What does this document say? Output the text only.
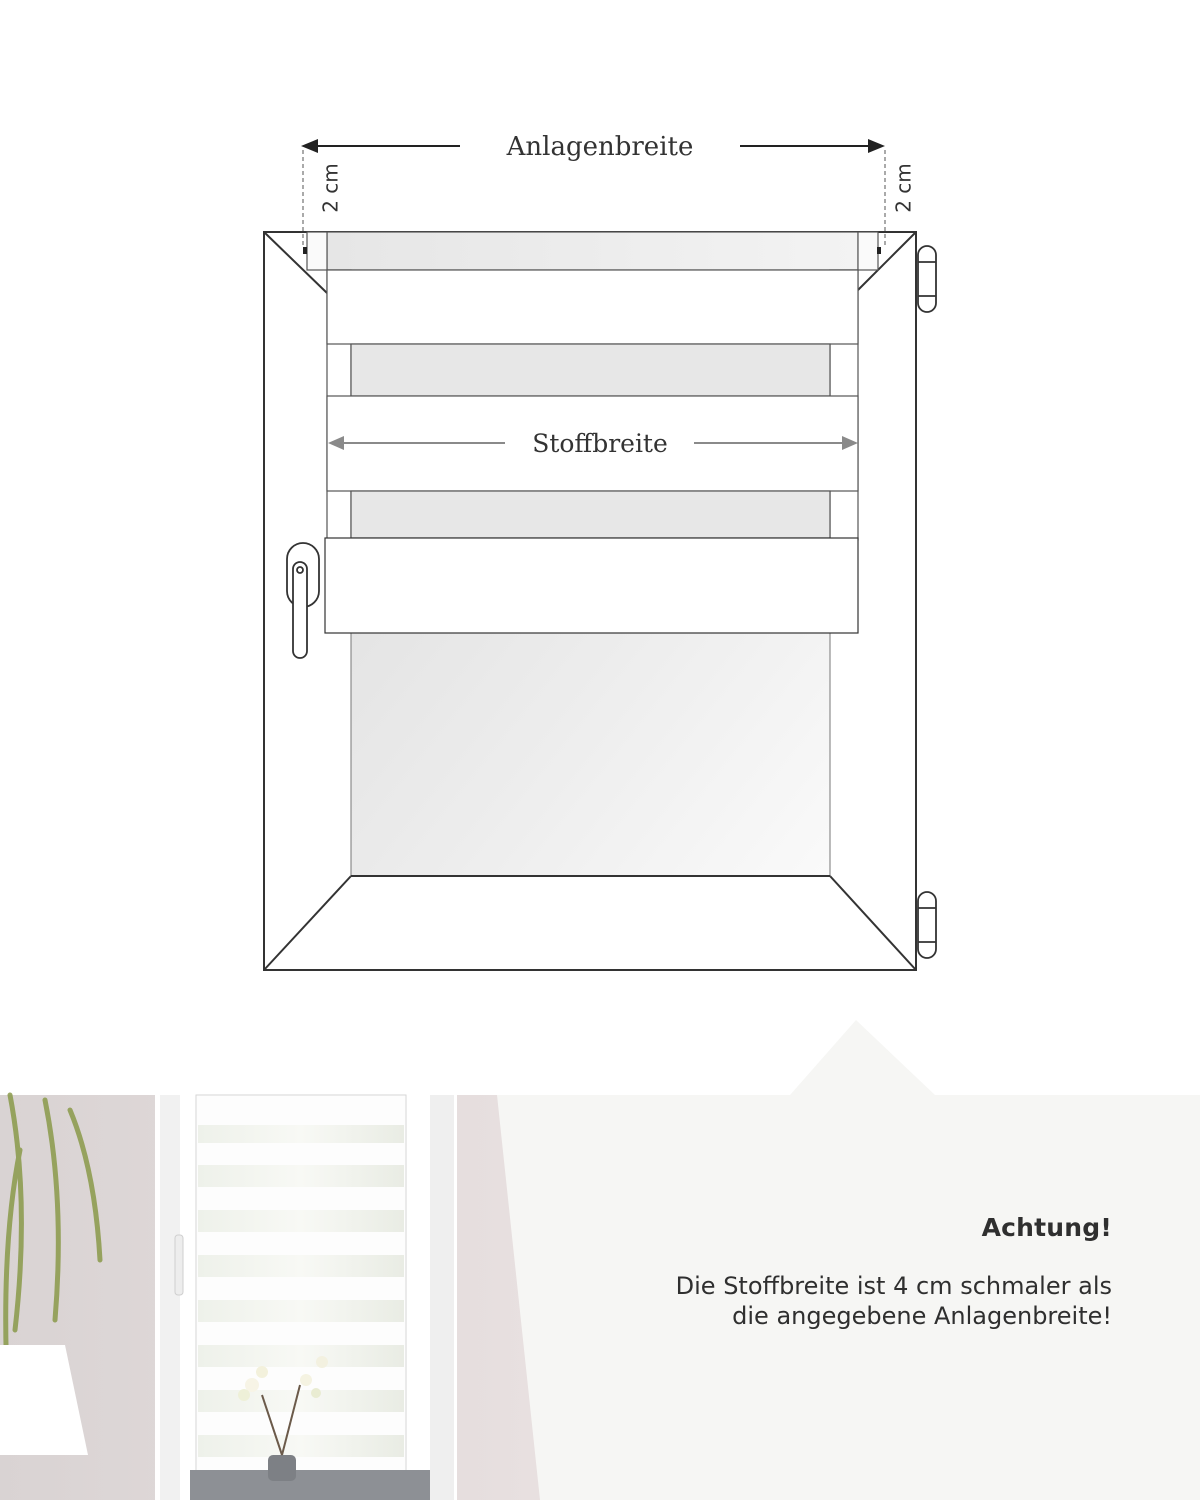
Anlagenbreite
2 cm	2 cm
Stoffbreite
Achtung!
Die Stoffbreite ist 4 cm schmaler als
die angegebene Anlagenbreite!
